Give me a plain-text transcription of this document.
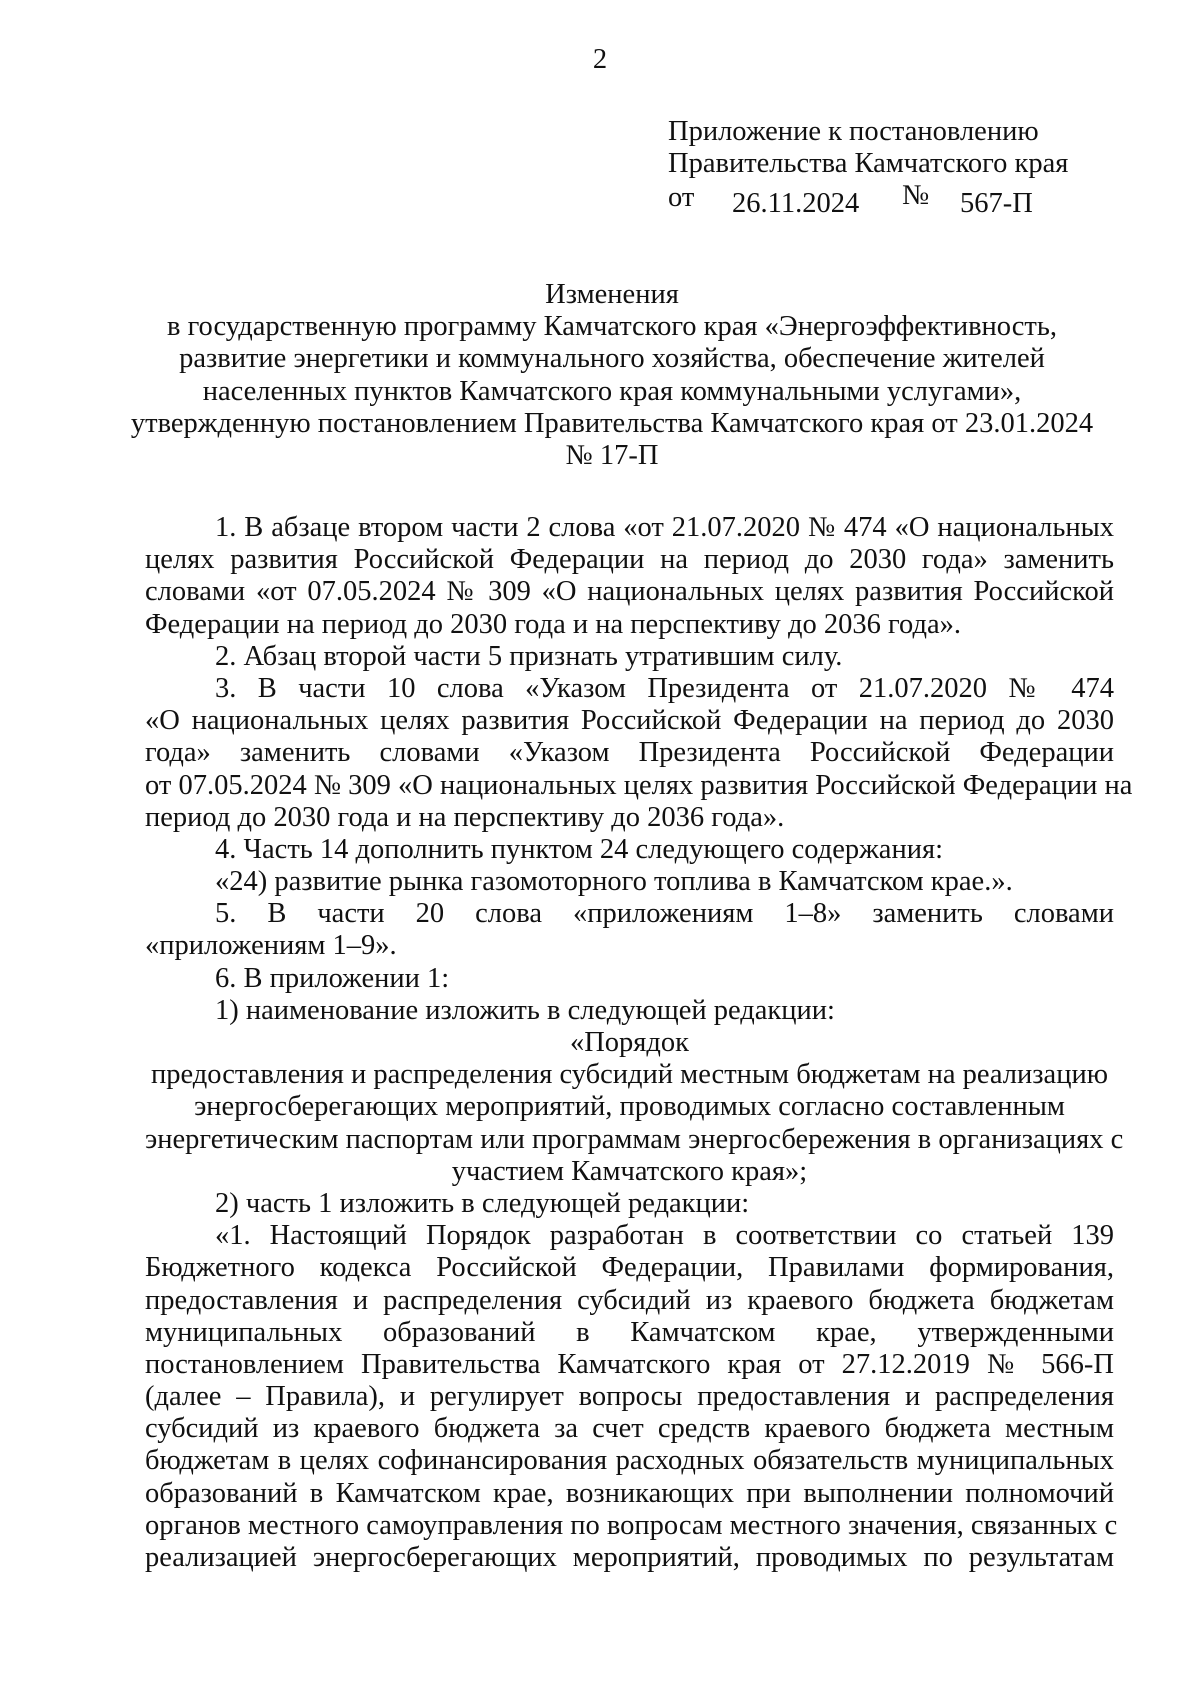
2
Приложение к постановлению
Правительства Камчатского края
от 26.11.2024 № 567-П
Изменения
в государственную программу Камчатского края «Энергоэффективность,
развитие энергетики и коммунального хозяйства, обеспечение жителей
населенных пунктов Камчатского края коммунальными услугами»,
утвержденную постановлением Правительства Камчатского края от 23.01.2024
№ 17-П
1. В абзаце втором части 2 слова «от 21.07.2020 № 474 «О национальных
целях развития Российской Федерации на период до 2030 года» заменить
словами «от 07.05.2024 № 309 «О национальных целях развития Российской
Федерации на период до 2030 года и на перспективу до 2036 года».
2. Абзац второй части 5 признать утратившим силу.
3. В части 10 слова «Указом Президента от 21.07.2020 № 474
«О национальных целях развития Российской Федерации на период до 2030
года» заменить словами «Указом Президента Российской Федерации
от 07.05.2024 № 309 «О национальных целях развития Российской Федерации на
период до 2030 года и на перспективу до 2036 года».
4. Часть 14 дополнить пунктом 24 следующего содержания:
«24) развитие рынка газомоторного топлива в Камчатском крае.».
5. В части 20 слова «приложениям 1–8» заменить словами
«приложениям 1–9».
6. В приложении 1:
1) наименование изложить в следующей редакции:
«Порядок
предоставления и распределения субсидий местным бюджетам на реализацию
энергосберегающих мероприятий, проводимых согласно составленным
энергетическим паспортам или программам энергосбережения в организациях с
участием Камчатского края»;
2) часть 1 изложить в следующей редакции:
«1. Настоящий Порядок разработан в соответствии со статьей 139
Бюджетного кодекса Российской Федерации, Правилами формирования,
предоставления и распределения субсидий из краевого бюджета бюджетам
муниципальных образований в Камчатском крае, утвержденными
постановлением Правительства Камчатского края от 27.12.2019 № 566-П
(далее – Правила), и регулирует вопросы предоставления и распределения
субсидий из краевого бюджета за счет средств краевого бюджета местным
бюджетам в целях софинансирования расходных обязательств муниципальных
образований в Камчатском крае, возникающих при выполнении полномочий
органов местного самоуправления по вопросам местного значения, связанных с
реализацией энергосберегающих мероприятий, проводимых по результатам
